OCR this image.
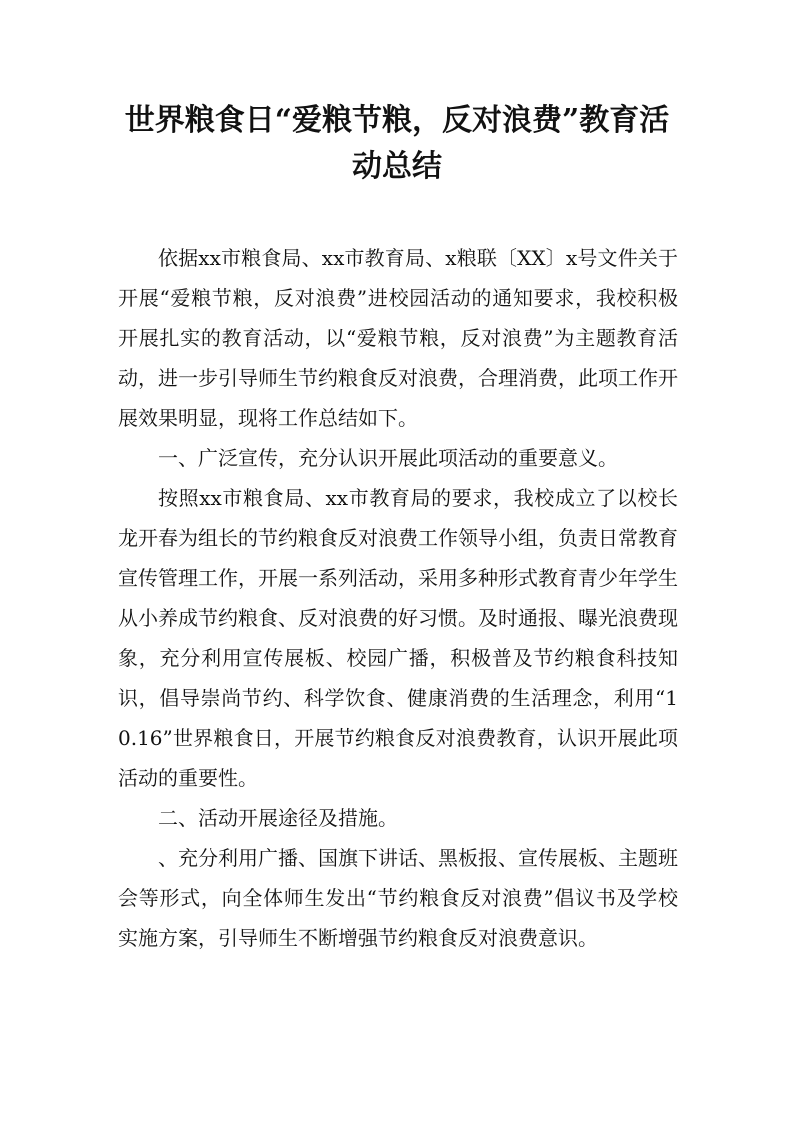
世界粮食日“爱粮节粮，反对浪费”教育活动总结

依据xx市粮食局、xx市教育局、x粮联〔XX〕x号文件关于开展“爱粮节粮，反对浪费”进校园活动的通知要求，我校积极开展扎实的教育活动，以“爱粮节粮，反对浪费”为主题教育活动，进一步引导师生节约粮食反对浪费，合理消费，此项工作开展效果明显，现将工作总结如下。

一、广泛宣传，充分认识开展此项活动的重要意义。

按照xx市粮食局、xx市教育局的要求，我校成立了以校长龙开春为组长的节约粮食反对浪费工作领导小组，负责日常教育宣传管理工作，开展一系列活动，采用多种形式教育青少年学生从小养成节约粮食、反对浪费的好习惯。及时通报、曝光浪费现象，充分利用宣传展板、校园广播，积极普及节约粮食科技知识，倡导崇尚节约、科学饮食、健康消费的生活理念，利用“10.16”世界粮食日，开展节约粮食反对浪费教育，认识开展此项活动的重要性。

二、活动开展途径及措施。

、充分利用广播、国旗下讲话、黑板报、宣传展板、主题班会等形式，向全体师生发出“节约粮食反对浪费”倡议书及学校实施方案，引导师生不断增强节约粮食反对浪费意识。
